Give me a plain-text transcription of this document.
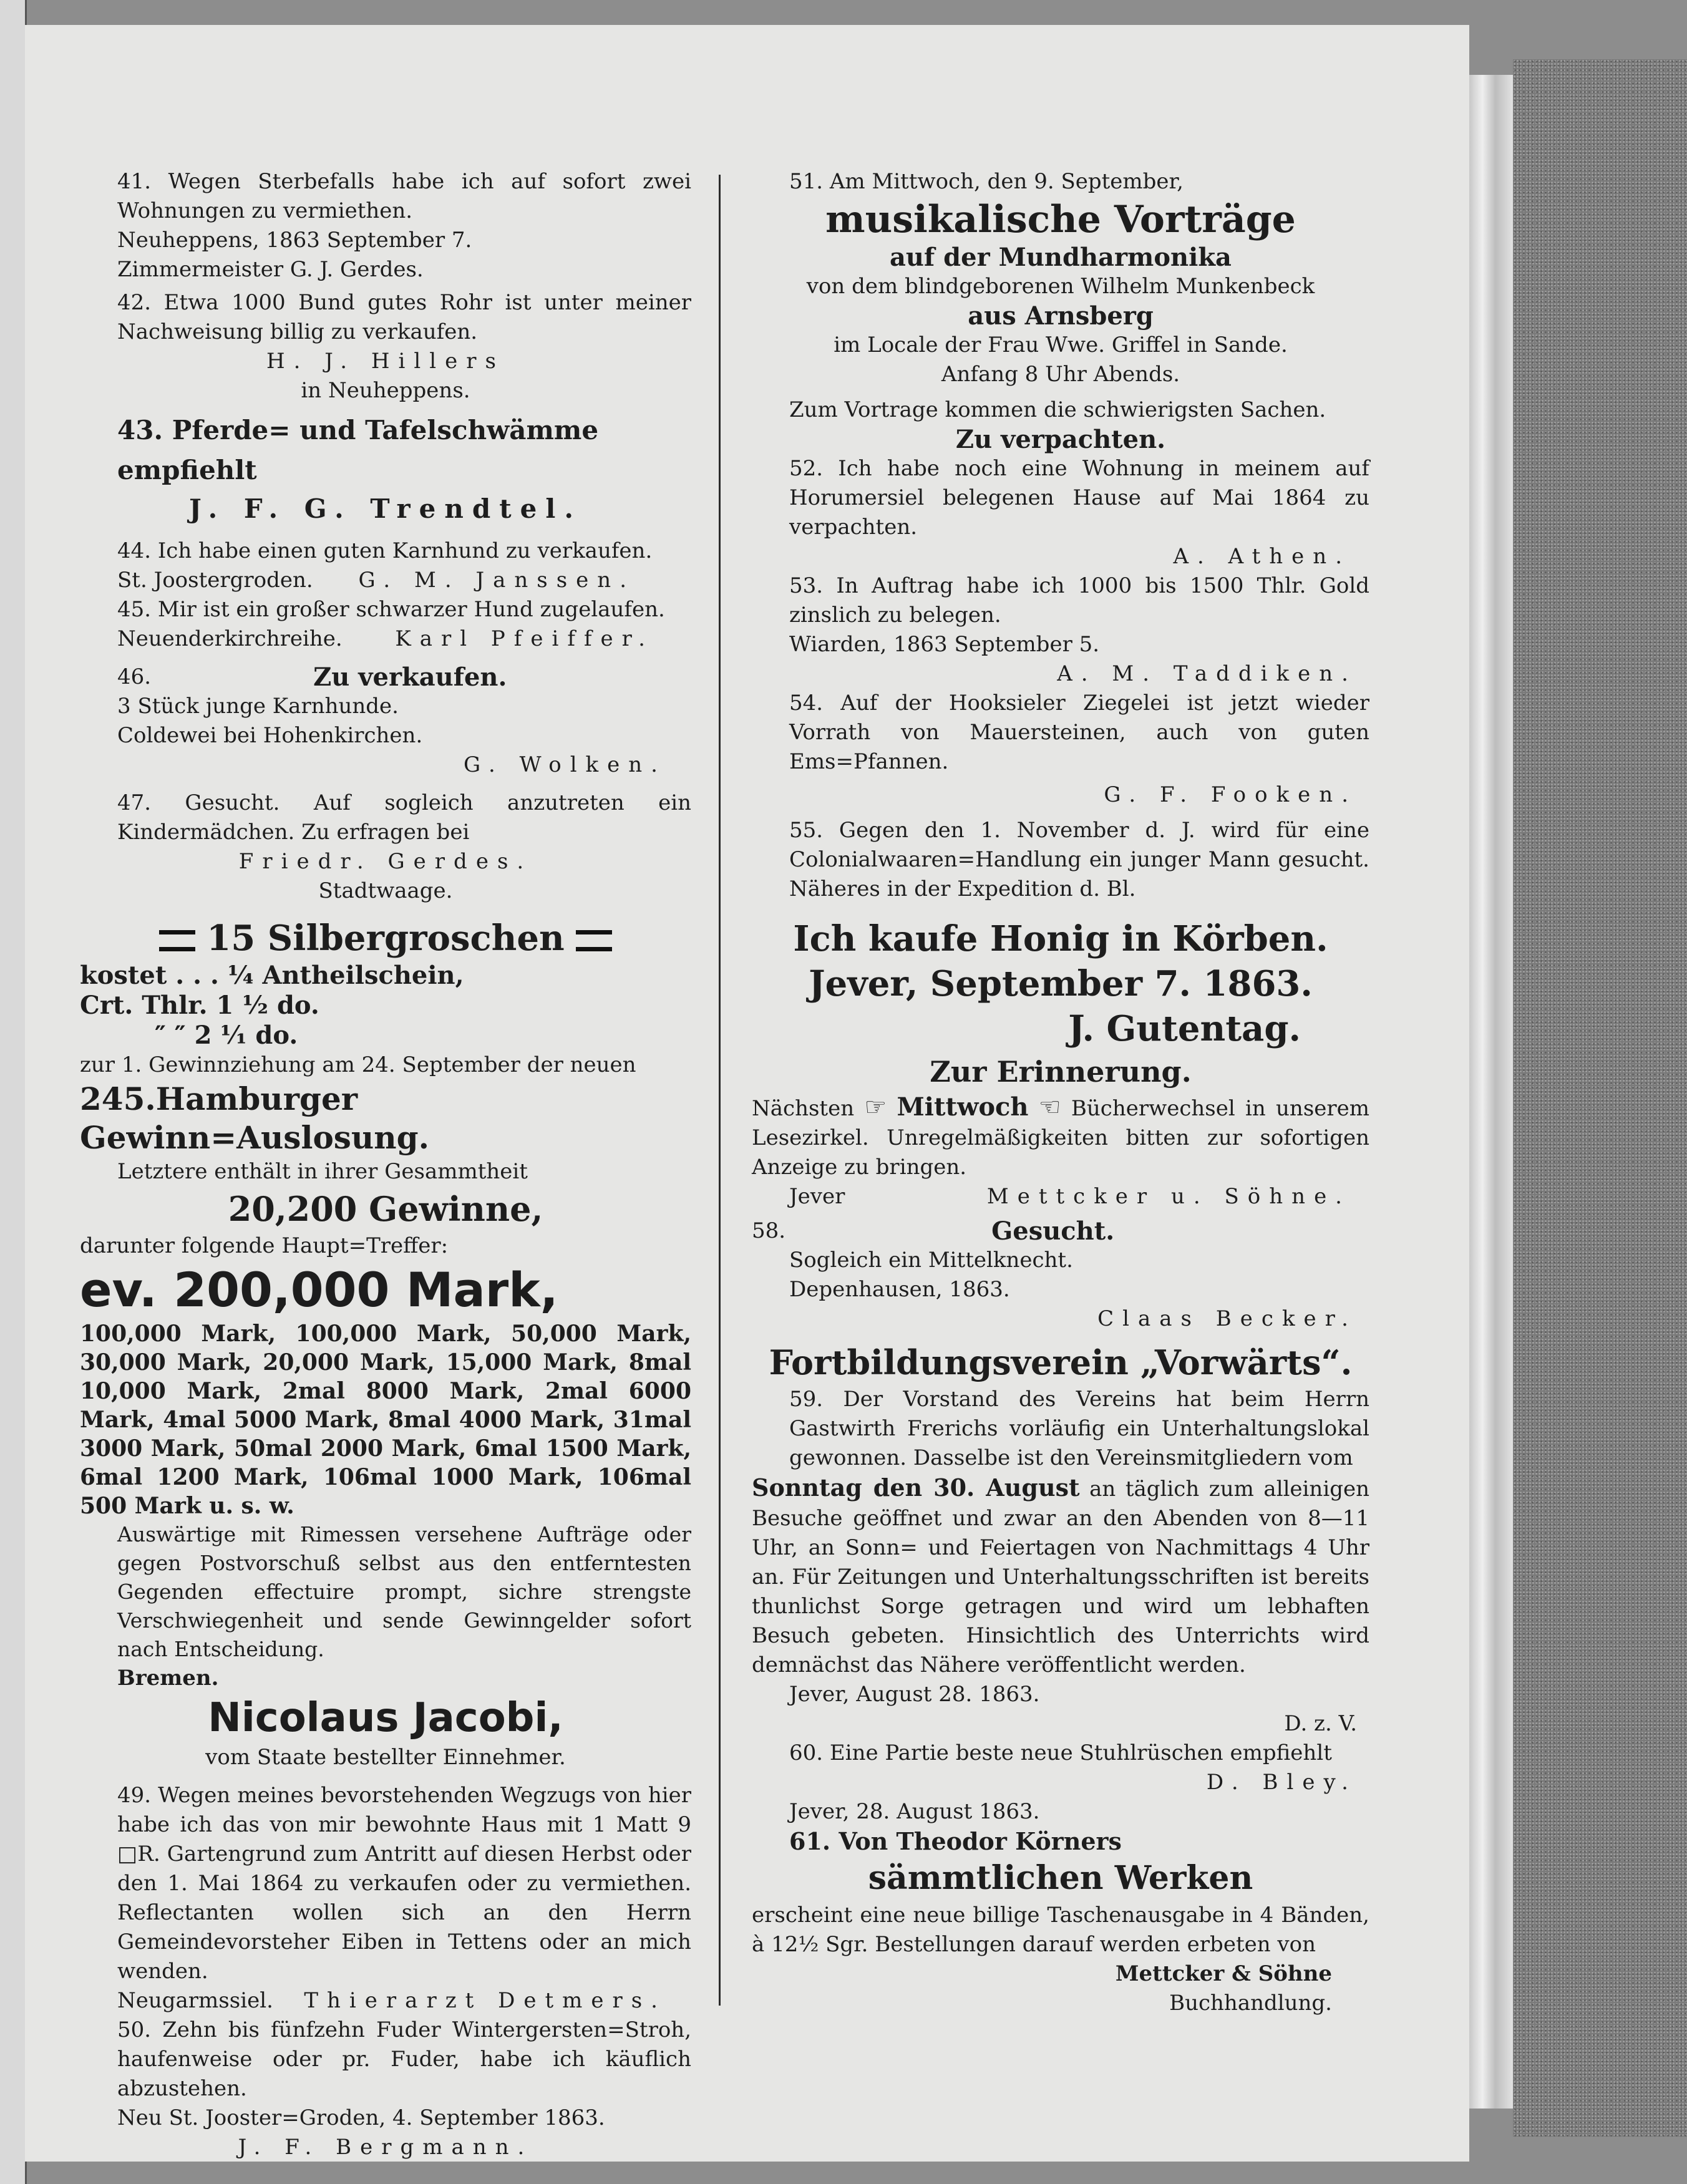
41. Wegen Sterbefalls habe ich auf sofort zwei Wohnungen zu vermiethen.

Neuheppens, 1863 September 7.

Zimmermeister G. J. Gerdes.

42. Etwa 1000 Bund gutes Rohr ist unter meiner Nachweisung billig zu verkaufen.

H. J. Hillers

in Neuheppens.

43. Pferde= und Tafelschwämme empfiehlt

J. F. G. Trendtel.

44. Ich habe einen guten Karnhund zu verkaufen.

St. Joostergroden. G. M. Janssen.

45. Mir ist ein großer schwarzer Hund zugelaufen.

Neuenderkirchreihe. Karl Pfeiffer.
46.	Zu verkaufen.

3 Stück junge Karnhunde.

Coldewei bei Hohenkirchen.

G. Wolken.

47. Gesucht. Auf sogleich anzutreten ein Kindermädchen. Zu erfragen bei

Friedr. Gerdes.

Stadtwaage.

15 Silbergroschen

kostet . . . ¼ Antheilschein,

Crt. Thlr. 1 ½ do.

″ ″ 2 ⅟₁ do.

zur 1. Gewinnziehung am 24. September der neuen

245.Hamburger Gewinn=Auslosung.

Letztere enthält in ihrer Gesammtheit

20,200 Gewinne,

darunter folgende Haupt=Treffer:

ev. 200,000 Mark,

100,000 Mark, 100,000 Mark, 50,000 Mark, 30,000 Mark, 20,000 Mark, 15,000 Mark, 8mal 10,000 Mark, 2mal 8000 Mark, 2mal 6000 Mark, 4mal 5000 Mark, 8mal 4000 Mark, 31mal 3000 Mark, 50mal 2000 Mark, 6mal 1500 Mark, 6mal 1200 Mark, 106mal 1000 Mark, 106mal 500 Mark u. s. w.

Auswärtige mit Rimessen versehene Aufträge oder gegen Postvorschuß selbst aus den entferntesten Gegenden effectuire prompt, sichre strengste Verschwiegenheit und sende Gewinngelder sofort nach Entscheidung.

Bremen.

Nicolaus Jacobi,

vom Staate bestellter Einnehmer.

49. Wegen meines bevorstehenden Wegzugs von hier habe ich das von mir bewohnte Haus mit 1 Matt 9 □R. Gartengrund zum Antritt auf diesen Herbst oder den 1. Mai 1864 zu verkaufen oder zu vermiethen. Reflectanten wollen sich an den Herrn Gemeindevorsteher Eiben in Tettens oder an mich wenden.

Neugarmssiel. Thierarzt Detmers.

50. Zehn bis fünfzehn Fuder Wintergersten=Stroh, haufenweise oder pr. Fuder, habe ich käuflich abzustehen.

Neu St. Jooster=Groden, 4. September 1863.

J. F. Bergmann.

51. Am Mittwoch, den 9. September,

musikalische Vorträge

auf der Mundharmonika

von dem blindgeborenen Wilhelm Munkenbeck

aus Arnsberg

im Locale der Frau Wwe. Griffel in Sande.

Anfang 8 Uhr Abends.

Zum Vortrage kommen die schwierigsten Sachen.

Zu verpachten.

52. Ich habe noch eine Wohnung in meinem auf Horumersiel belegenen Hause auf Mai 1864 zu verpachten.

A. Athen.

53. In Auftrag habe ich 1000 bis 1500 Thlr. Gold zinslich zu belegen.

Wiarden, 1863 September 5.

A. M. Taddiken.

54. Auf der Hooksieler Ziegelei ist jetzt wieder Vorrath von Mauersteinen, auch von guten Ems=Pfannen.

G. F. Fooken.

55. Gegen den 1. November d. J. wird für eine Colonialwaaren=Handlung ein junger Mann gesucht. Näheres in der Expedition d. Bl.

Ich kaufe Honig in Körben.

Jever, September 7. 1863.

J. Gutentag.

Zur Erinnerung.

Nächsten ☞ Mittwoch ☜ Bücherwechsel in unserem Lesezirkel. Unregelmäßigkeiten bitten zur sofortigen Anzeige zu bringen.

Jever	Mettcker u. Söhne.
58.	Gesucht.

Sogleich ein Mittelknecht.

Depenhausen, 1863.

Claas Becker.

Fortbildungsverein „Vorwärts“.

59. Der Vorstand des Vereins hat beim Herrn Gastwirth Frerichs vorläufig ein Unterhaltungslokal gewonnen. Dasselbe ist den Vereinsmitgliedern vom

Sonntag den 30. August an täglich zum alleinigen Besuche geöffnet und zwar an den Abenden von 8—11 Uhr, an Sonn= und Feiertagen von Nachmittags 4 Uhr an. Für Zeitungen und Unterhaltungsschriften ist bereits thunlichst Sorge getragen und wird um lebhaften Besuch gebeten. Hinsichtlich des Unterrichts wird demnächst das Nähere veröffentlicht werden.

Jever, August 28. 1863.

D. z. V.

60. Eine Partie beste neue Stuhlrüschen empfiehlt

D. Bley.

Jever, 28. August 1863.

61. Von Theodor Körners

sämmtlichen Werken

erscheint eine neue billige Taschenausgabe in 4 Bänden, à 12½ Sgr. Bestellungen darauf werden erbeten von

Mettcker & Söhne

Buchhandlung.
